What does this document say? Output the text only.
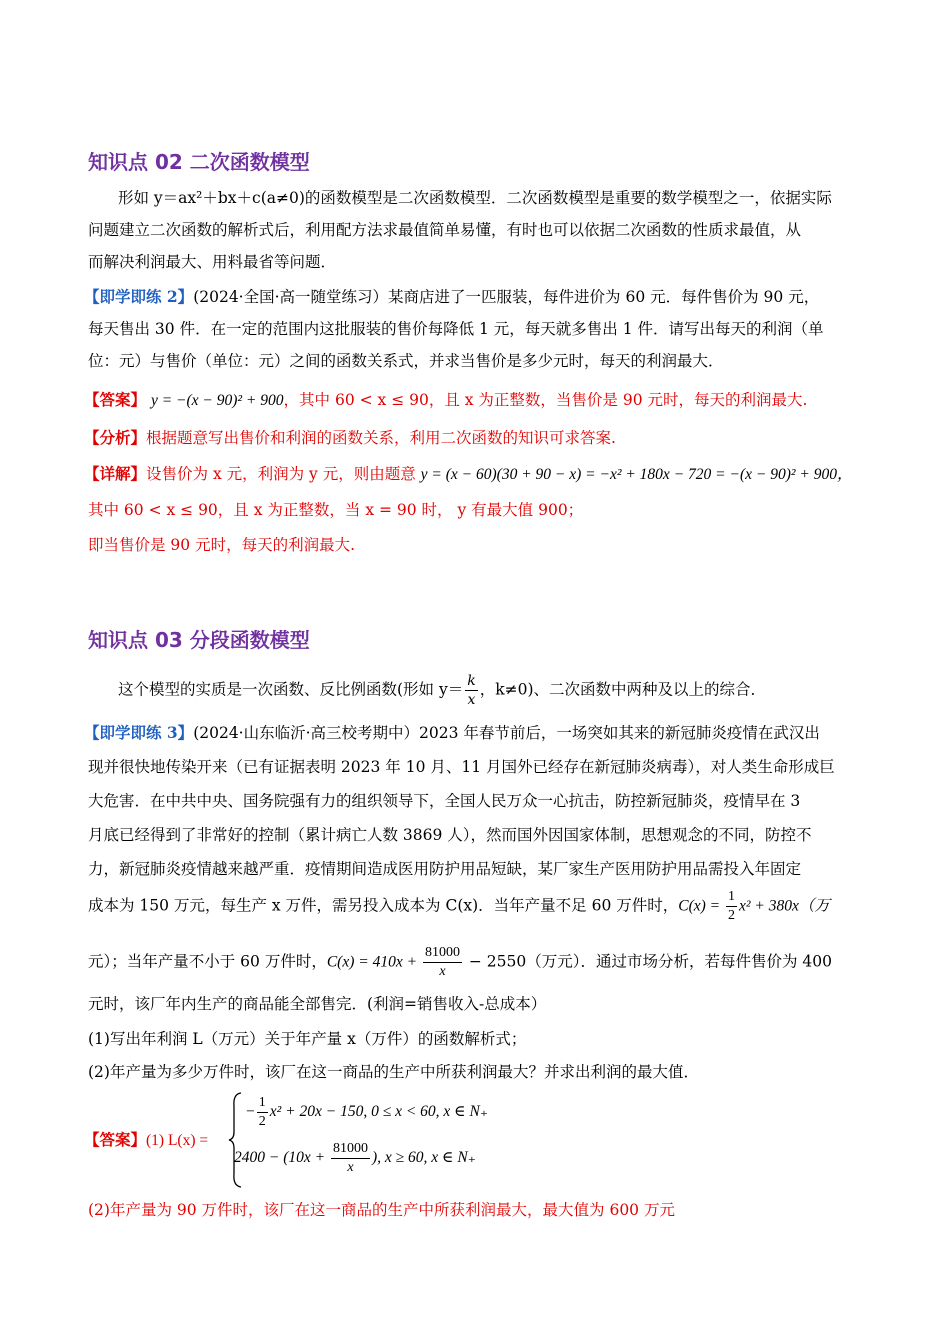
知识点 02 二次函数模型
形如 y＝ax²＋bx＋c(a≠0)的函数模型是二次函数模型．二次函数模型是重要的数学模型之一，依据实际
问题建立二次函数的解析式后，利用配方法求最值简单易懂，有时也可以依据二次函数的性质求最值，从
而解决利润最大、用料最省等问题．
【即学即练 2】(2024·全国·高一随堂练习）某商店进了一匹服装，每件进价为 60 元．每件售价为 90 元，
每天售出 30 件．在一定的范围内这批服装的售价每降低 1 元，每天就多售出 1 件．请写出每天的利润（单
位：元）与售价（单位：元）之间的函数关系式，并求当售价是多少元时，每天的利润最大．
【答案】 y = −(x − 90)² + 900，其中 60 < x ≤ 90，且 x 为正整数，当售价是 90 元时，每天的利润最大.
【分析】根据题意写出售价和利润的函数关系，利用二次函数的知识可求答案.
【详解】设售价为 x 元，利润为 y 元，则由题意 y = (x − 60)(30 + 90 − x) = −x² + 180x − 720 = −(x − 90)² + 900，
其中 60 < x ≤ 90，且 x 为正整数，当 x = 90 时， y 有最大值 900；
即当售价是 90 元时，每天的利润最大.
知识点 03 分段函数模型
这个模型的实质是一次函数、反比例函数(形如 $y= \frac{k}{x}$ ，k≠0)、二次函数中两种及以上的综合．
【即学即练 3】(2024·山东临沂·高三校考期中）2023 年春节前后，一场突如其来的新冠肺炎疫情在武汉出
现并很快地传染开来（已有证据表明 2023 年 10 月、11 月国外已经存在新冠肺炎病毒），对人类生命形成巨
大危害．在中共中央、国务院强有力的组织领导下，全国人民万众一心抗击，防控新冠肺炎，疫情早在 3
月底已经得到了非常好的控制（累计病亡人数 3869 人），然而国外因国家体制，思想观念的不同，防控不
力，新冠肺炎疫情越来越严重．疫情期间造成医用防护用品短缺，某厂家生产医用防护用品需投入年固定
成本为 150 万元，每生产 x 万件，需另投入成本为 C(x)．当年产量不足 60 万件时，$C(x) = \frac{1}{2} x^2 + 380x$（万
元）；当年产量不小于 60 万件时，$C(x) = 410x + \frac{81000}{x} - 2550$（万元）．通过市场分析，若每件售价为 400
元时，该厂年内生产的商品能全部售完．(利润=销售收入-总成本）
(1)写出年利润 L（万元）关于年产量 x（万件）的函数解析式；
(2)年产量为多少万件时，该厂在这一商品的生产中所获利润最大？并求出利润的最大值．
【答案】(1) L(x) =
− $\frac{1}{2} x^2 + 20x - 150$, 0 ≤ x < 60, x ∈ N₊
$2400 - (10x + \frac{81000}{x}$ ), x ≥ 60, x ∈ N₊
(2)年产量为 90 万件时，该厂在这一商品的生产中所获利润最大，最大值为 600 万元
